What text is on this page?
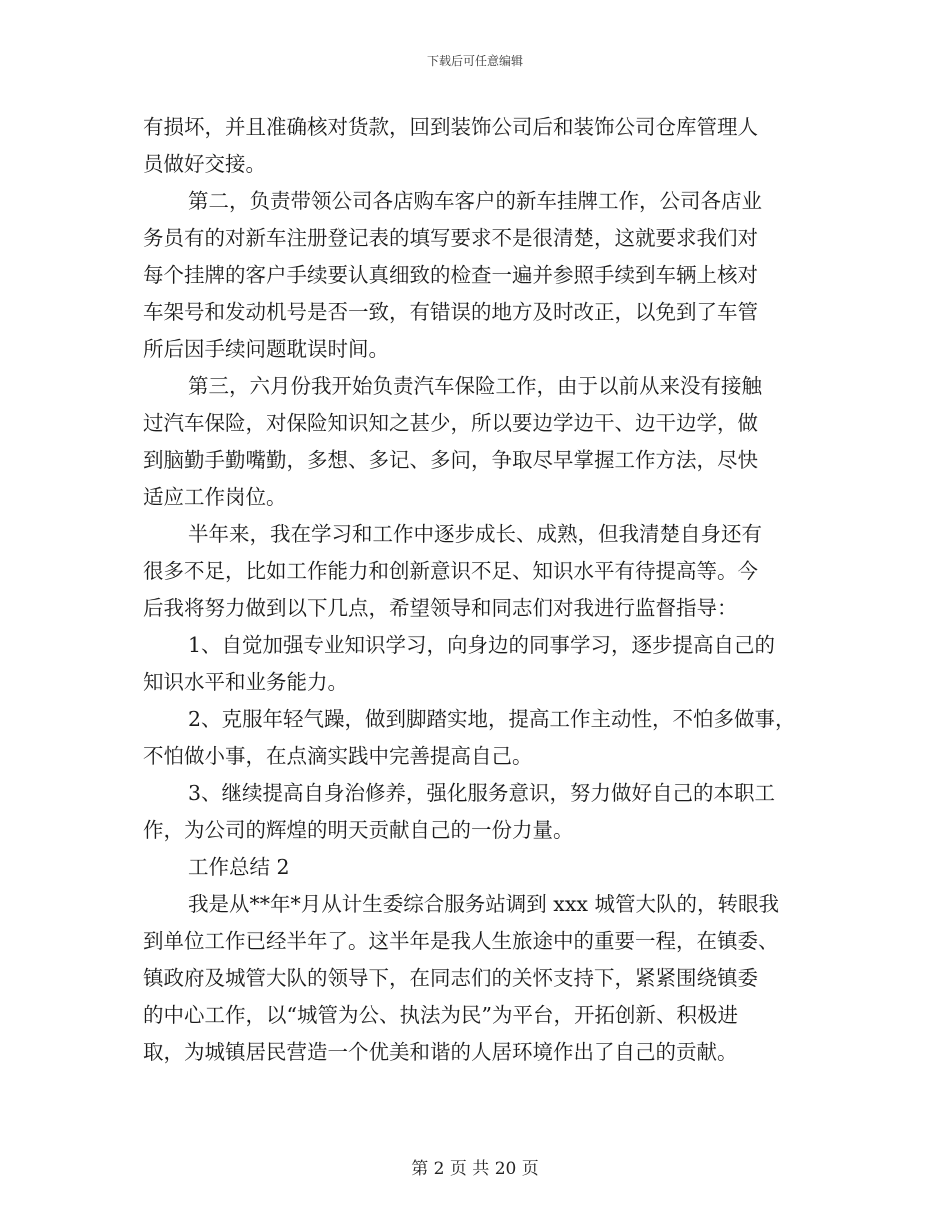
下载后可任意编辑
有损坏，并且准确核对货款，回到装饰公司后和装饰公司仓库管理人
员做好交接。
第二，负责带领公司各店购车客户的新车挂牌工作，公司各店业
务员有的对新车注册登记表的填写要求不是很清楚，这就要求我们对
每个挂牌的客户手续要认真细致的检查一遍并参照手续到车辆上核对
车架号和发动机号是否一致，有错误的地方及时改正，以免到了车管
所后因手续问题耽误时间。
第三，六月份我开始负责汽车保险工作，由于以前从来没有接触
过汽车保险，对保险知识知之甚少，所以要边学边干、边干边学，做
到脑勤手勤嘴勤，多想、多记、多问，争取尽早掌握工作方法，尽快
适应工作岗位。
半年来，我在学习和工作中逐步成长、成熟，但我清楚自身还有
很多不足，比如工作能力和创新意识不足、知识水平有待提高等。今
后我将努力做到以下几点，希望领导和同志们对我进行监督指导：
1、自觉加强专业知识学习，向身边的同事学习，逐步提高自己的
知识水平和业务能力。
2、克服年轻气躁，做到脚踏实地，提高工作主动性，不怕多做事，
不怕做小事，在点滴实践中完善提高自己。
3、继续提高自身治修养，强化服务意识，努力做好自己的本职工
作，为公司的辉煌的明天贡献自己的一份力量。
工作总结 2
我是从**年*月从计生委综合服务站调到 xxx 城管大队的，转眼我
到单位工作已经半年了。这半年是我人生旅途中的重要一程，在镇委、
镇政府及城管大队的领导下，在同志们的关怀支持下，紧紧围绕镇委
的中心工作，以“城管为公、执法为民”为平台，开拓创新、积极进
取，为城镇居民营造一个优美和谐的人居环境作出了自己的贡献。
第 2 页 共 20 页
